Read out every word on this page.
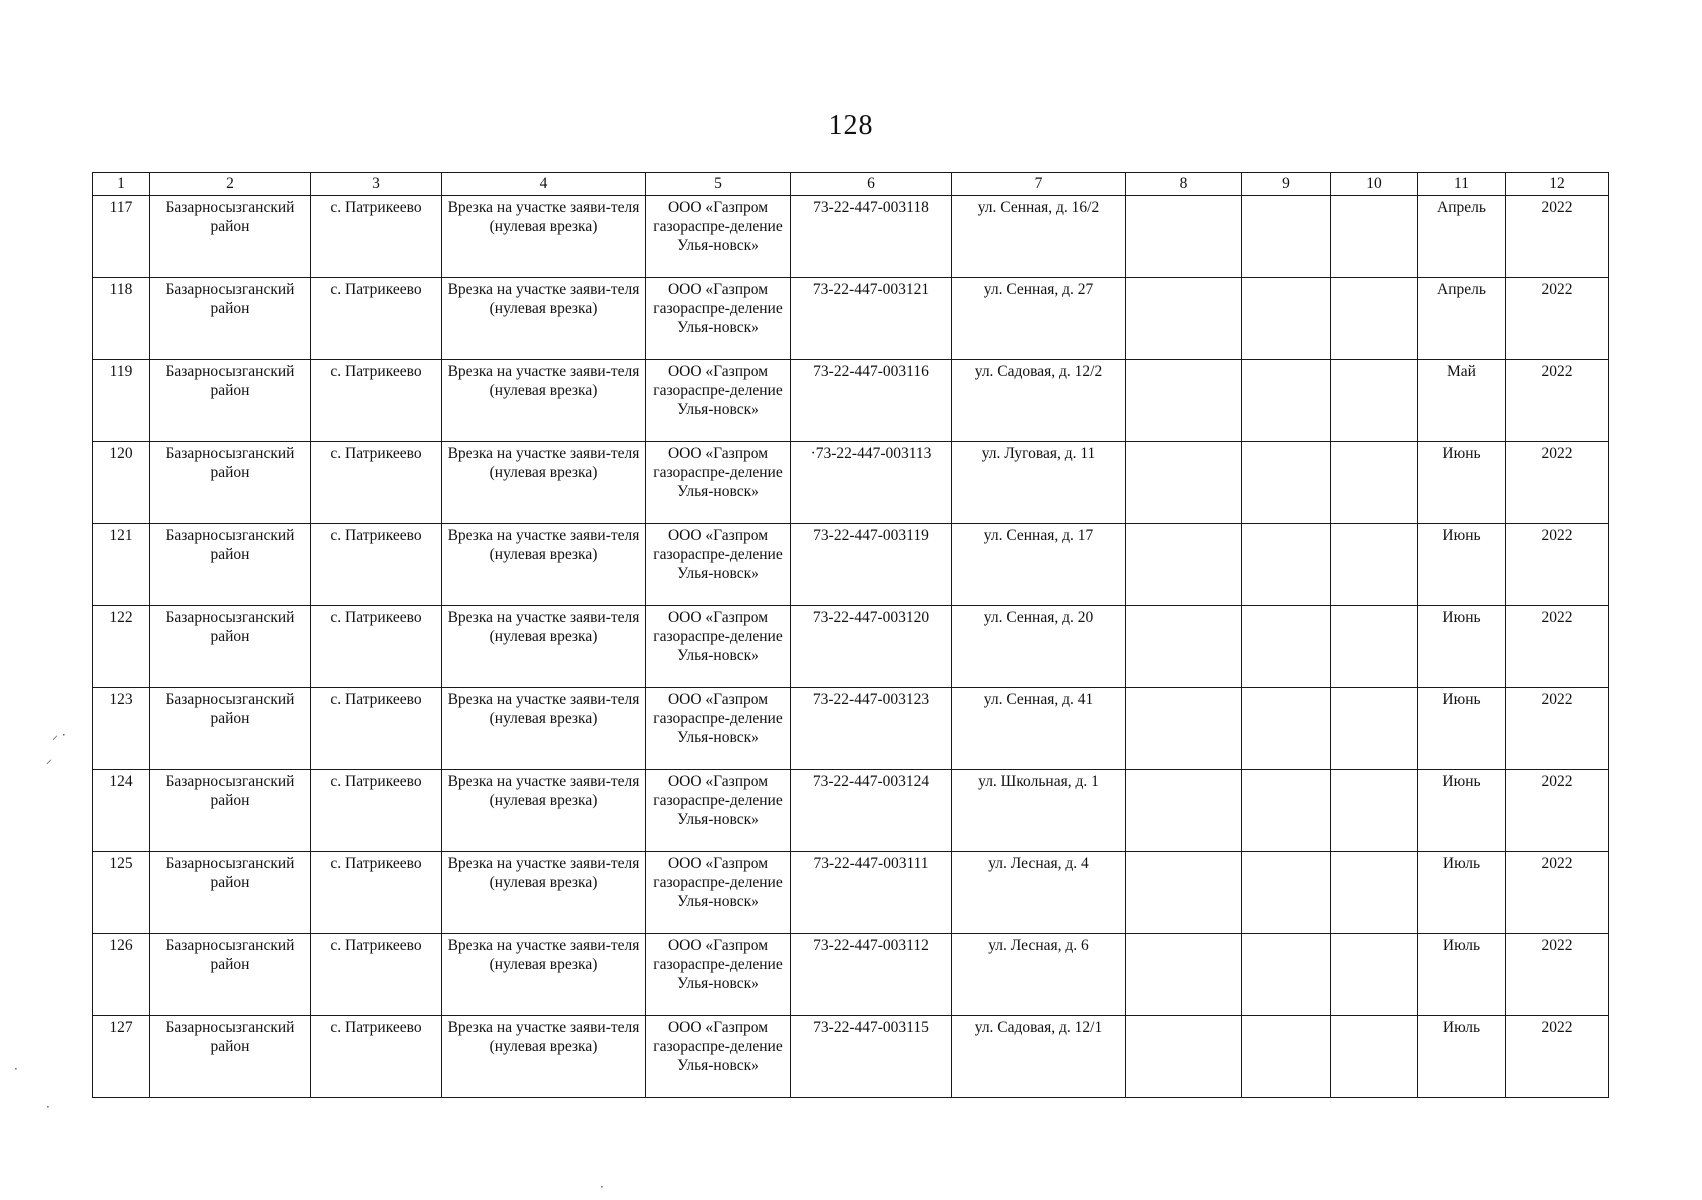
128
1	2	3	4	5	6	7	8	9	10	11	12
117	Базарносызганский район	с. Патрикеево	Врезка на участке заяви-теля (нулевая врезка)	ООО «Газпром газораспре-деление Улья-новск»	73-22-447-003118	ул. Сенная, д. 16/2				Апрель	2022
118	Базарносызганский район	с. Патрикеево	Врезка на участке заяви-теля (нулевая врезка)	ООО «Газпром газораспре-деление Улья-новск»	73-22-447-003121	ул. Сенная, д. 27				Апрель	2022
119	Базарносызганский район	с. Патрикеево	Врезка на участке заяви-теля (нулевая врезка)	ООО «Газпром газораспре-деление Улья-новск»	73-22-447-003116	ул. Садовая, д. 12/2				Май	2022
120	Базарносызганский район	с. Патрикеево	Врезка на участке заяви-теля (нулевая врезка)	ООО «Газпром газораспре-деление Улья-новск»	·73-22-447-003113	ул. Луговая, д. 11				Июнь	2022
121	Базарносызганский район	с. Патрикеево	Врезка на участке заяви-теля (нулевая врезка)	ООО «Газпром газораспре-деление Улья-новск»	73-22-447-003119	ул. Сенная, д. 17				Июнь	2022
122	Базарносызганский район	с. Патрикеево	Врезка на участке заяви-теля (нулевая врезка)	ООО «Газпром газораспре-деление Улья-новск»	73-22-447-003120	ул. Сенная, д. 20				Июнь	2022
123	Базарносызганский район	с. Патрикеево	Врезка на участке заяви-теля (нулевая врезка)	ООО «Газпром газораспре-деление Улья-новск»	73-22-447-003123	ул. Сенная, д. 41				Июнь	2022
124	Базарносызганский район	с. Патрикеево	Врезка на участке заяви-теля (нулевая врезка)	ООО «Газпром газораспре-деление Улья-новск»	73-22-447-003124	ул. Школьная, д. 1				Июнь	2022
125	Базарносызганский район	с. Патрикеево	Врезка на участке заяви-теля (нулевая врезка)	ООО «Газпром газораспре-деление Улья-новск»	73-22-447-003111	ул. Лесная, д. 4				Июль	2022
126	Базарносызганский район	с. Патрикеево	Врезка на участке заяви-теля (нулевая врезка)	ООО «Газпром газораспре-деление Улья-новск»	73-22-447-003112	ул. Лесная, д. 6				Июль	2022
127	Базарносызганский район	с. Патрикеево	Врезка на участке заяви-теля (нулевая врезка)	ООО «Газпром газораспре-деление Улья-новск»	73-22-447-003115	ул. Садовая, д. 12/1				Июль	2022
⸝ ·
⸝
·
·
·
